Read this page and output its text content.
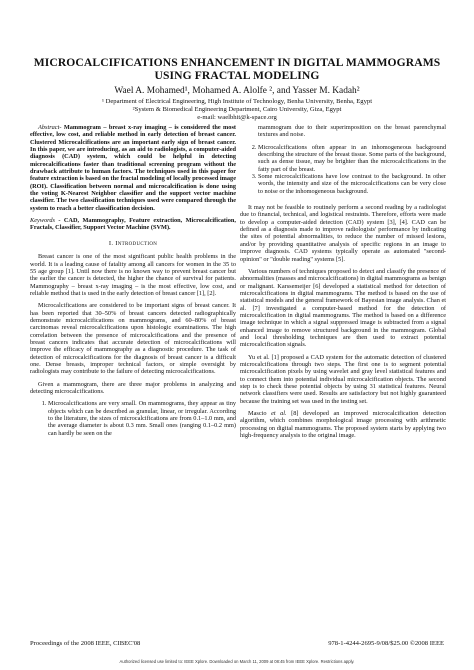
MICROCALCIFICATIONS ENHANCEMENT IN DIGITAL MAMMOGRAMS
USING FRACTAL MODELING
Wael A. Mohamed¹, Mohamed A. Alolfe ², and Yasser M. Kadah²
¹ Department of Electrical Engineering, High Institute of Technology, Benha University, Benha, Egypt
²System & Biomedical Engineering Department, Cairo University, Giza, Egypt
e-mail: waelbhit@k-space.org

Abstract- Mammogram – breast x-ray imaging – is considered the most effective, low cost, and reliable method in early detection of breast cancer. Clustered Microcalcifications are an important early sign of breast cancer. In this paper, we are introducing, as an aid to radiologists, a computer-aided diagnosis (CAD) system, which could be helpful in detecting microcalcifications faster than traditional screening program without the drawback attribute to human factors. The techniques used in this paper for feature extraction is based on the fractal modeling of locally processed image (ROI). Classification between normal and microcalcification is done using the voting K-Nearest Neighbor classifier and the support vector machine classifier. The two classification techniques used were compared through the system to reach a better classification decision.

Keywords - CAD, Mammography, Feature extraction, Microcalcification, Fractals, Classifier, Support Vector Machine (SVM).

I. Introduction

Breast cancer is one of the most significant public health problems in the world. It is a leading cause of fatality among all cancers for women in the 35 to 55 age group [1]. Until now there is no known way to prevent breast cancer but the earlier the cancer is detected, the higher the chance of survival for patients. Mammography – breast x-ray imaging – is the most effective, low cost, and reliable method that is used in the early detection of breast cancer [1], [2].

Microcalcifications are considered to be important signs of breast cancer. It has been reported that 30–50% of breast cancers detected radiographically demonstrate microcalcifications on mammograms, and 60–80% of breast carcinomas reveal microcalcifications upon histologic examinations. The high correlation between the presence of microcalcifications and the presence of breast cancers indicates that accurate detection of microcalcifications will improve the efficacy of mammography as a diagnostic procedure. The task of detection of microcalcifications for the diagnosis of breast cancer is a difficult one. Dense breasts, improper technical factors, or simple oversight by radiologists may contribute to the failure of detecting microcalcifications.

Given a mammogram, there are three major problems in analyzing and detecting microcalcifications.

1. Microcalcifications are very small. On mammograms, they appear as tiny objects which can be described as granular, linear, or irregular. According to the literature, the sizes of microcalcifications are from 0.1–1.0 mm, and the average diameter is about 0.3 mm. Small ones (ranging 0.1–0.2 mm) can hardly be seen on the

mammogram due to their superimposition on the breast parenchymal textures and noise.

2. Microcalcifications often appear in an inhomogeneous background describing the structure of the breast tissue. Some parts of the background, such as dense tissue, may be brighter than the microcalcifications in the fatty part of the breast.
3. Some microcalcifications have low contrast to the background. In other words, the intensity and size of the microcalcifications can be very close to noise or the inhomogeneous background.

It may not be feasible to routinely perform a second reading by a radiologist due to financial, technical, and logistical restraints. Therefore, efforts were made to develop a computer-aided detection (CAD) system [3], [4]. CAD can be defined as a diagnosis made to improve radiologists' performance by indicating the sites of potential abnormalities, to reduce the number of missed lesions, and/or by providing quantitative analysis of specific regions in an image to improve diagnosis. CAD systems typically operate as automated "second-opinion" or "double reading" systems [5].

Various numbers of techniques proposed to detect and classify the presence of abnormalities (masses and microcalcifications) in digital mammograms as benign or malignant. Karssemeijer [6] developed a statistical method for detection of microcalcifications in digital mammograms. The method is based on the use of statistical models and the general framework of Bayesian image analysis. Chan et al. [7] investigated a computer-based method for the detection of microcalcification in digital mammograms. The method is based on a difference image technique in which a signal suppressed image is subtracted from a signal enhanced image to remove structured background in the mammogram. Global and local thresholding techniques are then used to extract potential microcalcification signals.

Yu et al. [1] proposed a CAD system for the automatic detection of clustered microcalcifications through two steps. The first one is to segment potential microcalcification pixels by using wavelet and gray level statistical features and to connect them into potential individual microcalcification objects. The second step is to check these potential objects by using 31 statistical features. Neural network classifiers were used. Results are satisfactory but not highly guaranteed because the training set was used in the testing set.

Mascio et al. [8] developed an improved microcalcification detection algorithm, which combines morphological image processing with arithmetic processing on digital mammograms. The proposed system starts by applying two high-frequency analysis to the original image.

Proceedings of the 2008 IEEE, CIBEC'08	978-1-4244-2695-9/08/$25.00 ©2008 IEEE
Authorized licensed use limited to: IEEE Xplore. Downloaded on March 11, 2009 at 08:45 from IEEE Xplore. Restrictions apply.
